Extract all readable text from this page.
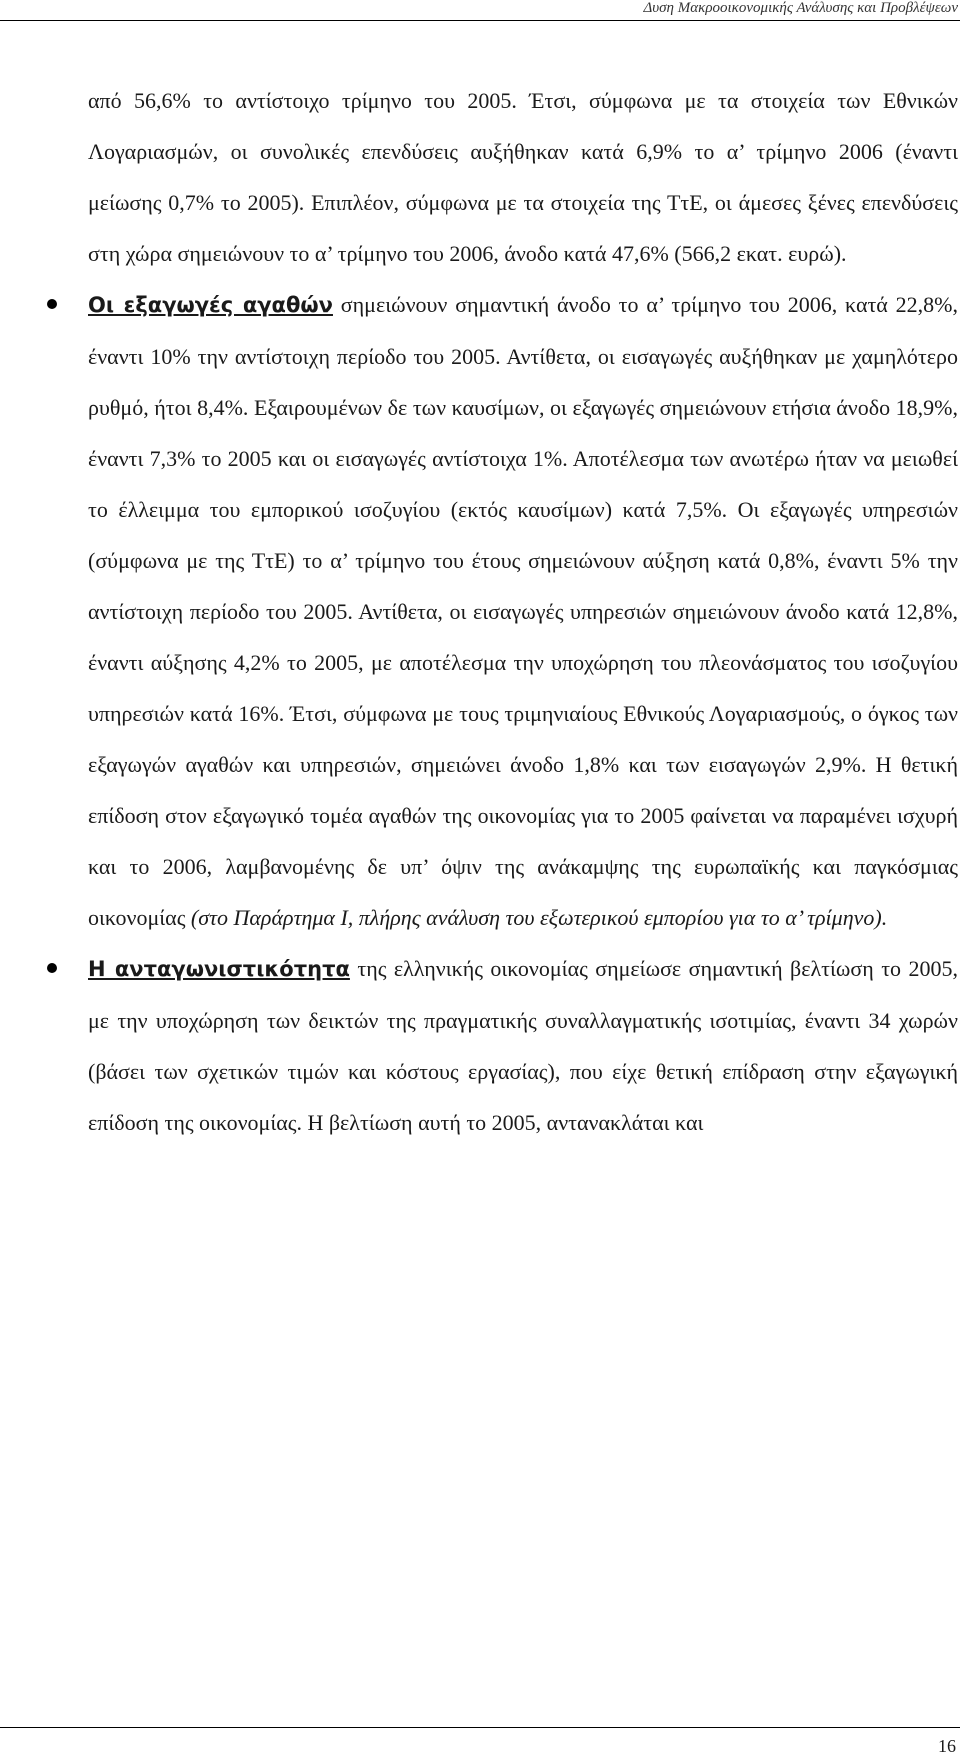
Δυση Μακροοικονομικής Ανάλυσης και Προβλέψεων

από 56,6% το αντίστοιχο τρίμηνο του 2005. Έτσι, σύμφωνα με τα στοιχεία των Εθνικών Λογαριασμών, οι συνολικές επενδύσεις αυξήθηκαν κατά 6,9% το α’ τρίμηνο 2006 (έναντι μείωσης 0,7% το 2005). Επιπλέον, σύμφωνα με τα στοιχεία της ΤτΕ, οι άμεσες ξένες επενδύσεις στη χώρα σημειώνουν το α’ τρίμηνο του 2006, άνοδο κατά 47,6% (566,2 εκατ. ευρώ).

Οι εξαγωγές αγαθών σημειώνουν σημαντική άνοδο το α’ τρίμηνο του 2006, κατά 22,8%, έναντι 10% την αντίστοιχη περίοδο του 2005. Αντίθετα, οι εισαγωγές αυξήθηκαν με χαμηλότερο ρυθμό, ήτοι 8,4%. Εξαιρουμένων δε των καυσίμων, οι εξαγωγές σημειώνουν ετήσια άνοδο 18,9%, έναντι 7,3% το 2005 και οι εισαγωγές αντίστοιχα 1%. Αποτέλεσμα των ανωτέρω ήταν να μειωθεί το έλλειμμα του εμπορικού ισοζυγίου (εκτός καυσίμων) κατά 7,5%. Οι εξαγωγές υπηρεσιών (σύμφωνα με της ΤτΕ) το α’ τρίμηνο του έτους σημειώνουν αύξηση κατά 0,8%, έναντι 5% την αντίστοιχη περίοδο του 2005. Αντίθετα, οι εισαγωγές υπηρεσιών σημειώνουν άνοδο κατά 12,8%, έναντι αύξησης 4,2% το 2005, με αποτέλεσμα την υποχώρηση του πλεονάσματος του ισοζυγίου υπηρεσιών κατά 16%. Έτσι, σύμφωνα με τους τριμηνιαίους Εθνικούς Λογαριασμούς, ο όγκος των εξαγωγών αγαθών και υπηρεσιών, σημειώνει άνοδο 1,8% και των εισαγωγών 2,9%. Η θετική επίδοση στον εξαγωγικό τομέα αγαθών της οικονομίας για το 2005 φαίνεται να παραμένει ισχυρή και το 2006, λαμβανομένης δε υπ’ όψιν της ανάκαμψης της ευρωπαϊκής και παγκόσμιας οικονομίας (στο Παράρτημα Ι, πλήρης ανάλυση του εξωτερικού εμπορίου για το α’ τρίμηνο).

Η ανταγωνιστικότητα της ελληνικής οικονομίας σημείωσε σημαντική βελτίωση το 2005, με την υποχώρηση των δεικτών της πραγματικής συναλλαγματικής ισοτιμίας, έναντι 34 χωρών (βάσει των σχετικών τιμών και κόστους εργασίας), που είχε θετική επίδραση στην εξαγωγική επίδοση της οικονομίας. Η βελτίωση αυτή το 2005, αντανακλάται και

16
